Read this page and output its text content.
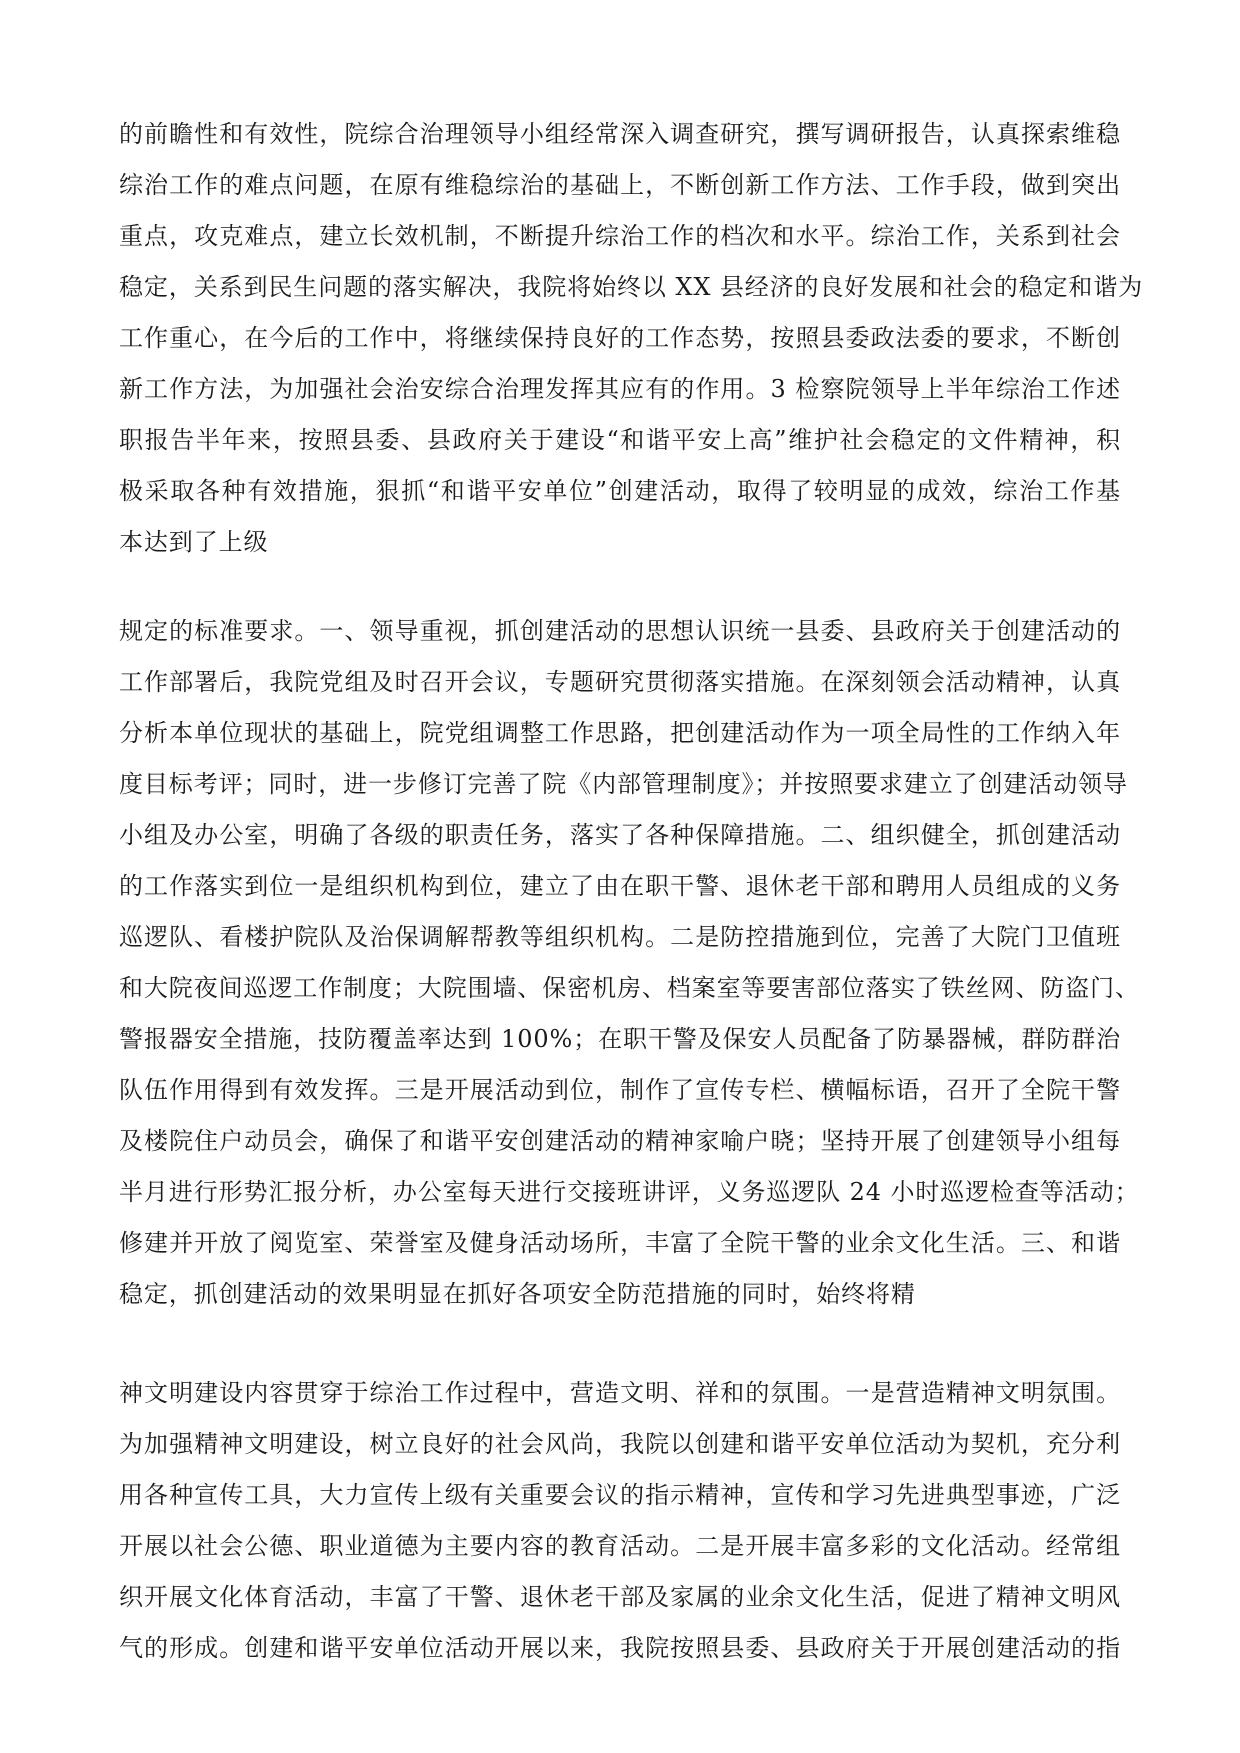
的前瞻性和有效性，院综合治理领导小组经常深入调查研究，撰写调研报告，认真探索维稳
综治工作的难点问题，在原有维稳综治的基础上，不断创新工作方法、工作手段，做到突出
重点，攻克难点，建立长效机制，不断提升综治工作的档次和水平。综治工作，关系到社会
稳定，关系到民生问题的落实解决，我院将始终以 XX 县经济的良好发展和社会的稳定和谐为
工作重心，在今后的工作中，将继续保持良好的工作态势，按照县委政法委的要求，不断创
新工作方法，为加强社会治安综合治理发挥其应有的作用。3 检察院领导上半年综治工作述
职报告半年来，按照县委、县政府关于建设“和谐平安上高”维护社会稳定的文件精神，积
极采取各种有效措施，狠抓“和谐平安单位”创建活动，取得了较明显的成效，综治工作基
本达到了上级
规定的标准要求。一、领导重视，抓创建活动的思想认识统一县委、县政府关于创建活动的
工作部署后，我院党组及时召开会议，专题研究贯彻落实措施。在深刻领会活动精神，认真
分析本单位现状的基础上，院党组调整工作思路，把创建活动作为一项全局性的工作纳入年
度目标考评；同时，进一步修订完善了院《内部管理制度》；并按照要求建立了创建活动领导
小组及办公室，明确了各级的职责任务，落实了各种保障措施。二、组织健全，抓创建活动
的工作落实到位一是组织机构到位，建立了由在职干警、退休老干部和聘用人员组成的义务
巡逻队、看楼护院队及治保调解帮教等组织机构。二是防控措施到位，完善了大院门卫值班
和大院夜间巡逻工作制度；大院围墙、保密机房、档案室等要害部位落实了铁丝网、防盗门、
警报器安全措施，技防覆盖率达到 100%；在职干警及保安人员配备了防暴器械，群防群治
队伍作用得到有效发挥。三是开展活动到位，制作了宣传专栏、横幅标语，召开了全院干警
及楼院住户动员会，确保了和谐平安创建活动的精神家喻户晓；坚持开展了创建领导小组每
半月进行形势汇报分析，办公室每天进行交接班讲评，义务巡逻队 24 小时巡逻检查等活动；
修建并开放了阅览室、荣誉室及健身活动场所，丰富了全院干警的业余文化生活。三、和谐
稳定，抓创建活动的效果明显在抓好各项安全防范措施的同时，始终将精
神文明建设内容贯穿于综治工作过程中，营造文明、祥和的氛围。一是营造精神文明氛围。
为加强精神文明建设，树立良好的社会风尚，我院以创建和谐平安单位活动为契机，充分利
用各种宣传工具，大力宣传上级有关重要会议的指示精神，宣传和学习先进典型事迹，广泛
开展以社会公德、职业道德为主要内容的教育活动。二是开展丰富多彩的文化活动。经常组
织开展文化体育活动，丰富了干警、退休老干部及家属的业余文化生活，促进了精神文明风
气的形成。创建和谐平安单位活动开展以来，我院按照县委、县政府关于开展创建活动的指
